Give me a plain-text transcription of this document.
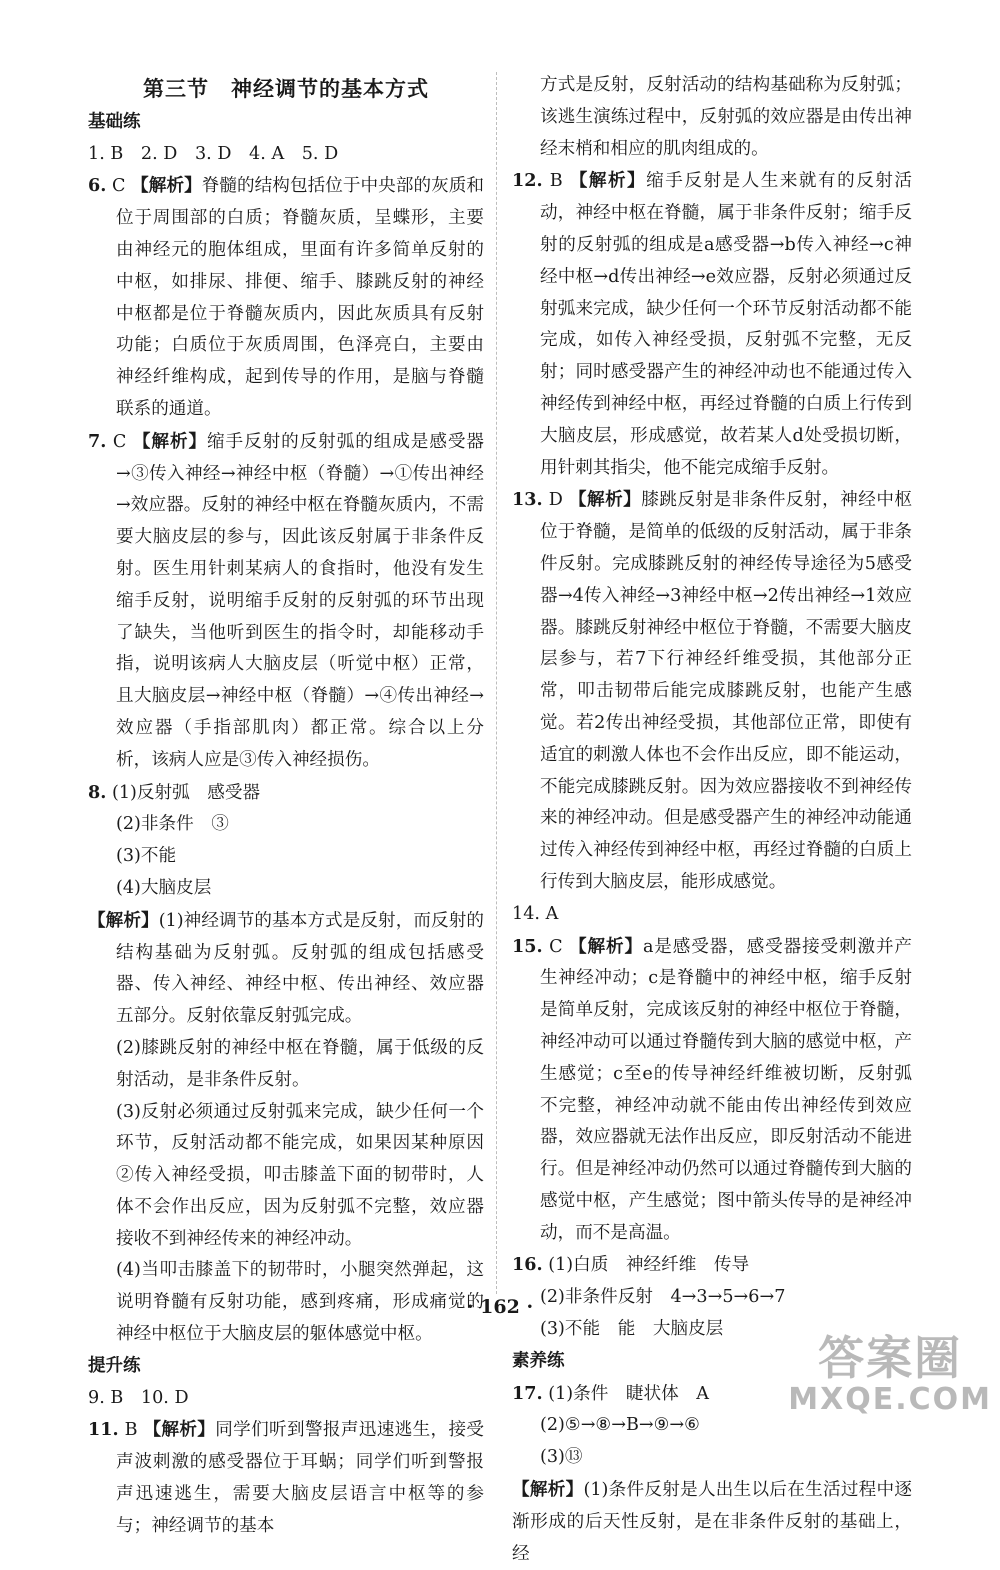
第三节　神经调节的基本方式
基础练

1. B　2. D　3. D　4. A　5. D

6. C 【解析】脊髓的结构包括位于中央部的灰质和位于周围部的白质；脊髓灰质，呈蝶形，主要由神经元的胞体组成，里面有许多简单反射的中枢，如排尿、排便、缩手、膝跳反射的神经中枢都是位于脊髓灰质内，因此灰质具有反射功能；白质位于灰质周围，色泽亮白，主要由神经纤维构成，起到传导的作用，是脑与脊髓联系的通道。

7. C 【解析】缩手反射的反射弧的组成是感受器→③传入神经→神经中枢（脊髓）→①传出神经→效应器。反射的神经中枢在脊髓灰质内，不需要大脑皮层的参与，因此该反射属于非条件反射。医生用针刺某病人的食指时，他没有发生缩手反射，说明缩手反射的反射弧的环节出现了缺失，当他听到医生的指令时，却能移动手指，说明该病人大脑皮层（听觉中枢）正常，且大脑皮层→神经中枢（脊髓）→④传出神经→效应器（手指部肌肉）都正常。综合以上分析，该病人应是③传入神经损伤。

8. (1)反射弧　感受器

(2)非条件　③

(3)不能

(4)大脑皮层

【解析】(1)神经调节的基本方式是反射，而反射的结构基础为反射弧。反射弧的组成包括感受器、传入神经、神经中枢、传出神经、效应器五部分。反射依靠反射弧完成。

(2)膝跳反射的神经中枢在脊髓，属于低级的反射活动，是非条件反射。

(3)反射必须通过反射弧来完成，缺少任何一个环节，反射活动都不能完成，如果因某种原因②传入神经受损，叩击膝盖下面的韧带时，人体不会作出反应，因为反射弧不完整，效应器接收不到神经传来的神经冲动。

(4)当叩击膝盖下的韧带时，小腿突然弹起，这说明脊髓有反射功能，感到疼痛，形成痛觉的神经中枢位于大脑皮层的躯体感觉中枢。

提升练

9. B　10. D

11. B 【解析】同学们听到警报声迅速逃生，接受声波刺激的感受器位于耳蜗；同学们听到警报声迅速逃生，需要大脑皮层语言中枢等的参与；神经调节的基本

方式是反射，反射活动的结构基础称为反射弧；该逃生演练过程中，反射弧的效应器是由传出神经末梢和相应的肌肉组成的。

12. B 【解析】缩手反射是人生来就有的反射活动，神经中枢在脊髓，属于非条件反射；缩手反射的反射弧的组成是a感受器→b传入神经→c神经中枢→d传出神经→e效应器，反射必须通过反射弧来完成，缺少任何一个环节反射活动都不能完成，如传入神经受损，反射弧不完整，无反射；同时感受器产生的神经冲动也不能通过传入神经传到神经中枢，再经过脊髓的白质上行传到大脑皮层，形成感觉，故若某人d处受损切断，用针刺其指尖，他不能完成缩手反射。

13. D 【解析】膝跳反射是非条件反射，神经中枢位于脊髓，是简单的低级的反射活动，属于非条件反射。完成膝跳反射的神经传导途径为5感受器→4传入神经→3神经中枢→2传出神经→1效应器。膝跳反射神经中枢位于脊髓，不需要大脑皮层参与，若7下行神经纤维受损，其他部分正常，叩击韧带后能完成膝跳反射，也能产生感觉。若2传出神经受损，其他部位正常，即使有适宜的刺激人体也不会作出反应，即不能运动，不能完成膝跳反射。因为效应器接收不到神经传来的神经冲动。但是感受器产生的神经冲动能通过传入神经传到神经中枢，再经过脊髓的白质上行传到大脑皮层，能形成感觉。

14. A

15. C 【解析】a是感受器，感受器接受刺激并产生神经冲动；c是脊髓中的神经中枢，缩手反射是简单反射，完成该反射的神经中枢位于脊髓，神经冲动可以通过脊髓传到大脑的感觉中枢，产生感觉；c至e的传导神经纤维被切断，反射弧不完整，神经冲动就不能由传出神经传到效应器，效应器就无法作出反应，即反射活动不能进行。但是神经冲动仍然可以通过脊髓传到大脑的感觉中枢，产生感觉；图中箭头传导的是神经冲动，而不是高温。

16. (1)白质　神经纤维　传导

(2)非条件反射　4→3→5→6→7

(3)不能　能　大脑皮层

素养练

17. (1)条件　睫状体　A

(2)⑤→⑧→B→⑨→⑥

(3)⑬

【解析】(1)条件反射是人出生以后在生活过程中逐渐形成的后天性反射，是在非条件反射的基础上，经

· 162 ·
答案圈
MXQE.COM
